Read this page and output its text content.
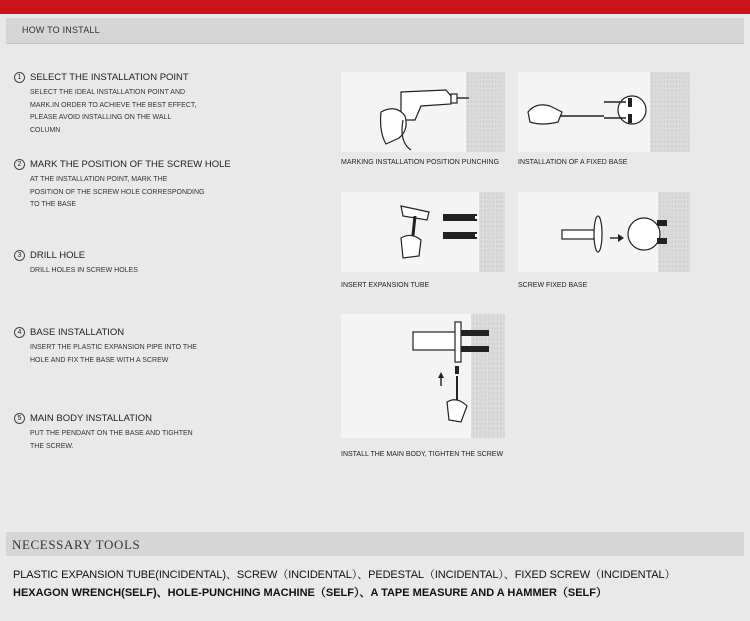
HOW TO INSTALL
1 SELECT THE INSTALLATION POINT
SELECT THE IDEAL INSTALLATION POINT AND
MARK.IN ORDER TO ACHIEVE THE BEST EFFECT,
PLEASE AVOID INSTALLING ON THE WALL
COLUMN
2 MARK THE POSITION OF THE SCREW HOLE
AT THE INSTALLATION POINT, MARK THE
POSITION OF THE SCREW HOLE CORRESPONDING
TO THE BASE
3 DRILL HOLE
DRILL HOLES IN SCREW HOLES
4 BASE INSTALLATION
INSERT THE PLASTIC EXPANSION PIPE INTO THE
HOLE AND FIX THE BASE WITH A SCREW
5 MAIN BODY INSTALLATION
PUT THE PENDANT ON THE BASE AND TIGHTEN
THE SCREW.
MARKING INSTALLATION POSITION PUNCHING	INSTALLATION OF A FIXED BASE
INSERT EXPANSION TUBE	SCREW FIXED BASE
INSTALL THE MAIN BODY, TIGHTEN THE SCREW
NECESSARY TOOLS
PLASTIC EXPANSION TUBE(INCIDENTAL)、SCREW（INCIDENTAL）、PEDESTAL（INCIDENTAL）、FIXED SCREW（INCIDENTAL）
HEXAGON WRENCH(SELF)、HOLE-PUNCHING MACHINE（SELF）、A TAPE MEASURE AND A HAMMER（SELF）
